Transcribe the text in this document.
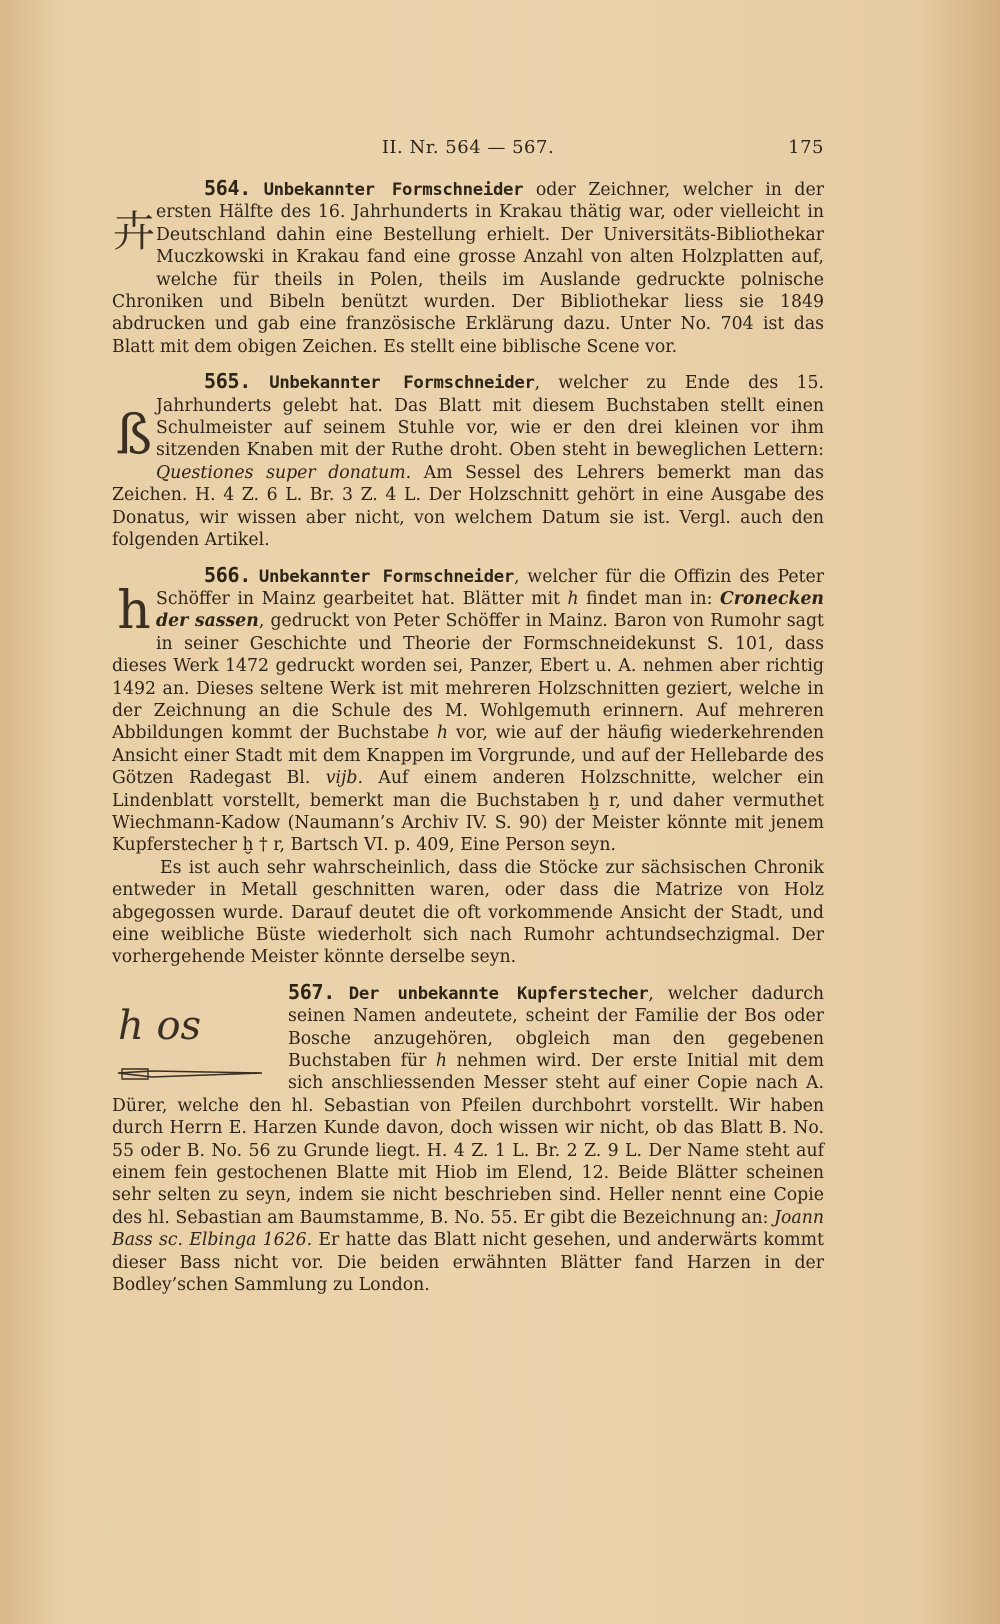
II. Nr. 564 — 567.	175
卉

564. Unbekannter Formschneider oder Zeichner, welcher in der ersten Hälfte des 16. Jahrhunderts in Krakau thätig war, oder vielleicht in Deutschland dahin eine Bestellung erhielt. Der Universitäts-Bibliothekar Muczkowski in Krakau fand eine grosse Anzahl von alten Holzplatten auf, welche für theils in Polen, theils im Auslande gedruckte polnische Chroniken und Bibeln benützt wurden. Der Bibliothekar liess sie 1849 abdrucken und gab eine französische Erklärung dazu. Unter No. 704 ist das Blatt mit dem obigen Zeichen. Es stellt eine biblische Scene vor.

ß

565. Unbekannter Formschneider, welcher zu Ende des 15. Jahrhunderts gelebt hat. Das Blatt mit diesem Buchstaben stellt einen Schulmeister auf seinem Stuhle vor, wie er den drei kleinen vor ihm sitzenden Knaben mit der Ruthe droht. Oben steht in beweglichen Lettern: Questiones super donatum. Am Sessel des Lehrers bemerkt man das Zeichen. H. 4 Z. 6 L. Br. 3 Z. 4 L. Der Holzschnitt gehört in eine Ausgabe des Donatus, wir wissen aber nicht, von welchem Datum sie ist. Vergl. auch den folgenden Artikel.

h

566. Unbekannter Formschneider, welcher für die Offizin des Peter Schöffer in Mainz gearbeitet hat. Blätter mit h findet man in: Cronecken der sassen, gedruckt von Peter Schöffer in Mainz. Baron von Rumohr sagt in seiner Geschichte und Theorie der Formschneidekunst S. 101, dass dieses Werk 1472 gedruckt worden sei, Panzer, Ebert u. A. nehmen aber richtig 1492 an. Dieses seltene Werk ist mit mehreren Holzschnitten geziert, welche in der Zeichnung an die Schule des M. Wohlgemuth erinnern. Auf mehreren Abbildungen kommt der Buchstabe h vor, wie auf der häufig wiederkehrenden Ansicht einer Stadt mit dem Knappen im Vorgrunde, und auf der Hellebarde des Götzen Radegast Bl. vijb. Auf einem anderen Holzschnitte, welcher ein Lindenblatt vorstellt, bemerkt man die Buchstaben ḫ r, und daher vermuthet Wiechmann-Kadow (Naumann’s Archiv IV. S. 90) der Meister könnte mit jenem Kupferstecher ḫ † r, Bartsch VI. p. 409, Eine Person seyn.

Es ist auch sehr wahrscheinlich, dass die Stöcke zur sächsischen Chronik entweder in Metall geschnitten waren, oder dass die Matrize von Holz abgegossen wurde. Darauf deutet die oft vorkommende Ansicht der Stadt, und eine weibliche Büste wiederholt sich nach Rumohr achtundsechzigmal. Der vorhergehende Meister könnte derselbe seyn.

h os

567. Der unbekannte Kupferstecher, welcher dadurch seinen Namen andeutete, scheint der Familie der Bos oder Bosche anzugehören, obgleich man den gegebenen Buchstaben für h nehmen wird. Der erste Initial mit dem sich anschliessenden Messer steht auf einer Copie nach A. Dürer, welche den hl. Sebastian von Pfeilen durchbohrt vorstellt. Wir haben durch Herrn E. Harzen Kunde davon, doch wissen wir nicht, ob das Blatt B. No. 55 oder B. No. 56 zu Grunde liegt. H. 4 Z. 1 L. Br. 2 Z. 9 L. Der Name steht auf einem fein gestochenen Blatte mit Hiob im Elend, 12. Beide Blätter scheinen sehr selten zu seyn, indem sie nicht beschrieben sind. Heller nennt eine Copie des hl. Sebastian am Baumstamme, B. No. 55. Er gibt die Bezeichnung an: Joann Bass sc. Elbinga 1626. Er hatte das Blatt nicht gesehen, und anderwärts kommt dieser Bass nicht vor. Die beiden erwähnten Blätter fand Harzen in der Bodley’schen Sammlung zu London.
